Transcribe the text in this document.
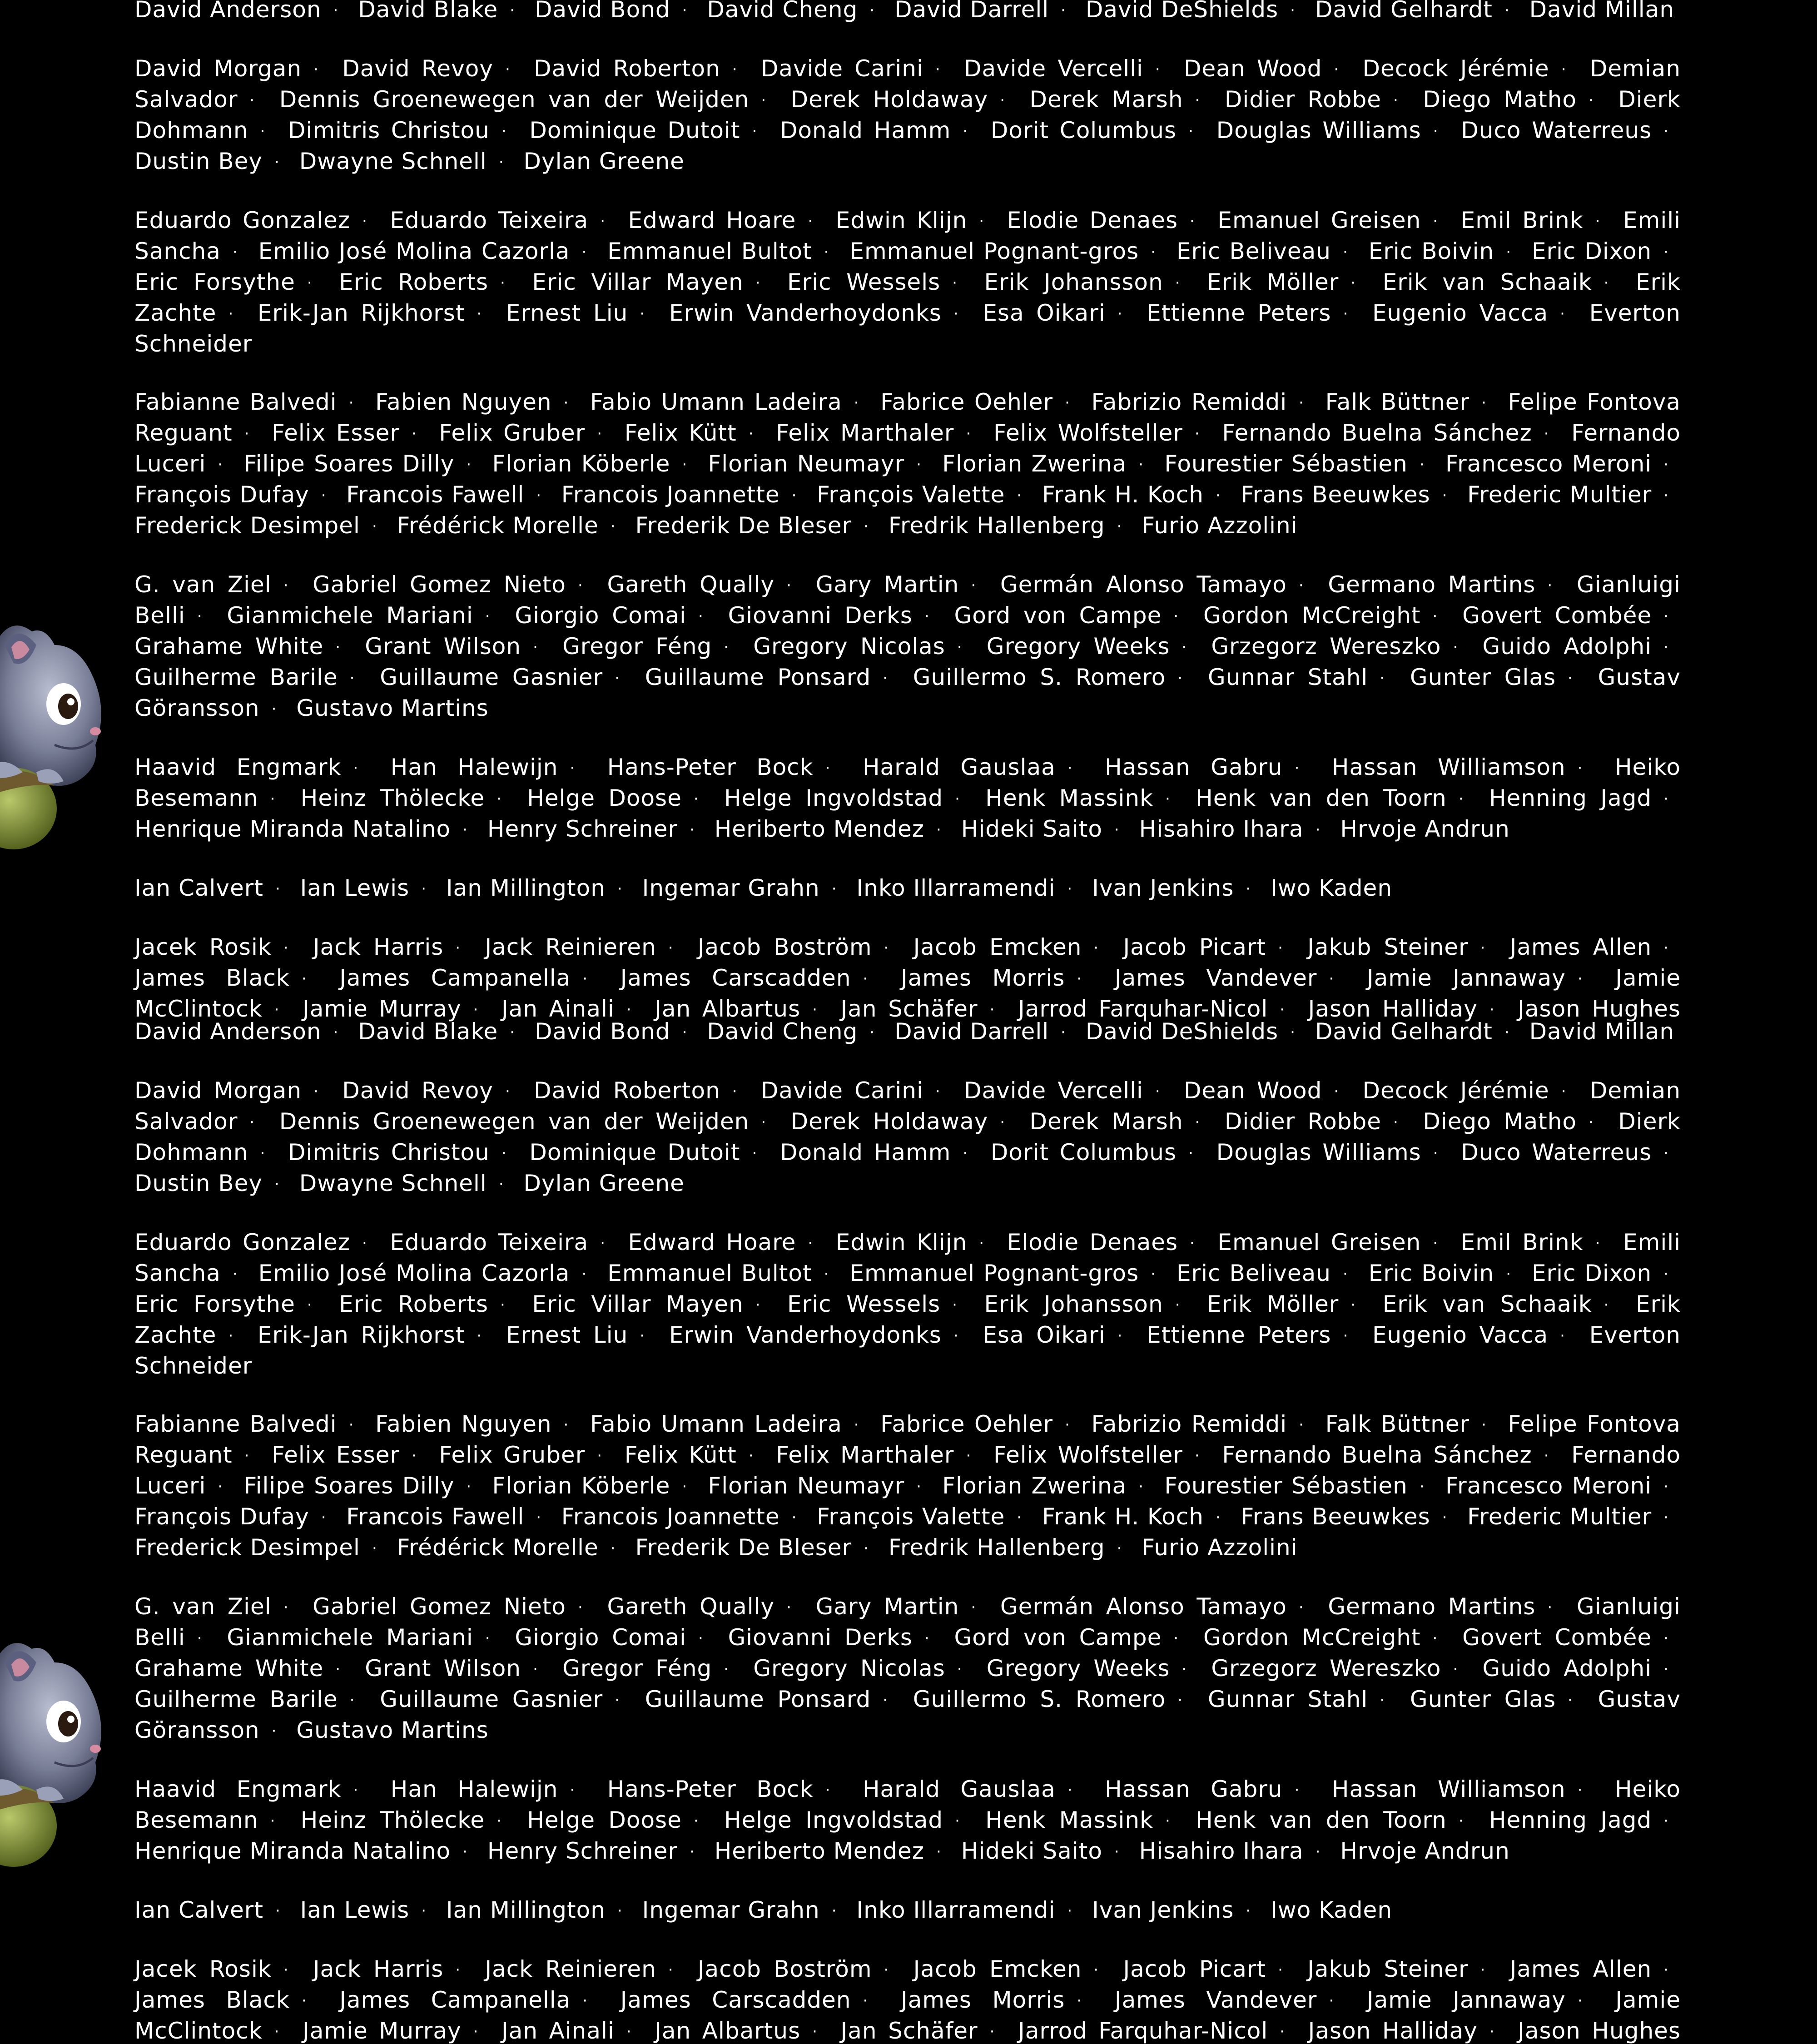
David Anderson · David Blake · David Bond · David Cheng · David Darrell · David DeShields · David Gelhardt · David Millan
David Morgan · David Revoy · David Roberton · Davide Carini · Davide Vercelli · Dean Wood · Decock Jérémie · Demian Salvador · Dennis Groenewegen van der Weijden · Derek Holdaway · Derek Marsh · Didier Robbe · Diego Matho · Dierk Dohmann · Dimitris Christou · Dominique Dutoit · Donald Hamm · Dorit Columbus · Douglas Williams · Duco Waterreus · Dustin Bey · Dwayne Schnell · Dylan Greene
Eduardo Gonzalez · Eduardo Teixeira · Edward Hoare · Edwin Klijn · Elodie Denaes · Emanuel Greisen · Emil Brink · Emili Sancha · Emilio José Molina Cazorla · Emmanuel Bultot · Emmanuel Pognant-gros · Eric Beliveau · Eric Boivin · Eric Dixon · Eric Forsythe · Eric Roberts · Eric Villar Mayen · Eric Wessels · Erik Johansson · Erik Möller · Erik van Schaaik · Erik Zachte · Erik-Jan Rijkhorst · Ernest Liu · Erwin Vanderhoydonks · Esa Oikari · Ettienne Peters · Eugenio Vacca · Everton Schneider
Fabianne Balvedi · Fabien Nguyen · Fabio Umann Ladeira · Fabrice Oehler · Fabrizio Remiddi · Falk Büttner · Felipe Fontova Reguant · Felix Esser · Felix Gruber · Felix Kütt · Felix Marthaler · Felix Wolfsteller · Fernando Buelna Sánchez · Fernando Luceri · Filipe Soares Dilly · Florian Köberle · Florian Neumayr · Florian Zwerina · Fourestier Sébastien · Francesco Meroni · François Dufay · Francois Fawell · Francois Joannette · François Valette · Frank H. Koch · Frans Beeuwkes · Frederic Multier · Frederick Desimpel · Frédérick Morelle · Frederik De Bleser · Fredrik Hallenberg · Furio Azzolini
G. van Ziel · Gabriel Gomez Nieto · Gareth Qually · Gary Martin · Germán Alonso Tamayo · Germano Martins · Gianluigi Belli · Gianmichele Mariani · Giorgio Comai · Giovanni Derks · Gord von Campe · Gordon McCreight · Govert Combée · Grahame White · Grant Wilson · Gregor Féng · Gregory Nicolas · Gregory Weeks · Grzegorz Wereszko · Guido Adolphi · Guilherme Barile · Guillaume Gasnier · Guillaume Ponsard · Guillermo S. Romero · Gunnar Stahl · Gunter Glas · Gustav Göransson · Gustavo Martins
Haavid Engmark · Han Halewijn · Hans-Peter Bock · Harald Gauslaa · Hassan Gabru · Hassan Williamson · Heiko Besemann · Heinz Thölecke · Helge Doose · Helge Ingvoldstad · Henk Massink · Henk van den Toorn · Henning Jagd · Henrique Miranda Natalino · Henry Schreiner · Heriberto Mendez · Hideki Saito · Hisahiro Ihara · Hrvoje Andrun
Ian Calvert · Ian Lewis · Ian Millington · Ingemar Grahn · Inko Illarramendi · Ivan Jenkins · Iwo Kaden
Jacek Rosik · Jack Harris · Jack Reinieren · Jacob Boström · Jacob Emcken · Jacob Picart · Jakub Steiner · James Allen · James Black · James Campanella · James Carscadden · James Morris · James Vandever · Jamie Jannaway · Jamie McClintock · Jamie Murray · Jan Ainali · Jan Albartus · Jan Schäfer · Jarrod Farquhar-Nicol · Jason Halliday · Jason Hughes
David Anderson · David Blake · David Bond · David Cheng · David Darrell · David DeShields · David Gelhardt · David Millan
David Morgan · David Revoy · David Roberton · Davide Carini · Davide Vercelli · Dean Wood · Decock Jérémie · Demian Salvador · Dennis Groenewegen van der Weijden · Derek Holdaway · Derek Marsh · Didier Robbe · Diego Matho · Dierk Dohmann · Dimitris Christou · Dominique Dutoit · Donald Hamm · Dorit Columbus · Douglas Williams · Duco Waterreus · Dustin Bey · Dwayne Schnell · Dylan Greene
Eduardo Gonzalez · Eduardo Teixeira · Edward Hoare · Edwin Klijn · Elodie Denaes · Emanuel Greisen · Emil Brink · Emili Sancha · Emilio José Molina Cazorla · Emmanuel Bultot · Emmanuel Pognant-gros · Eric Beliveau · Eric Boivin · Eric Dixon · Eric Forsythe · Eric Roberts · Eric Villar Mayen · Eric Wessels · Erik Johansson · Erik Möller · Erik van Schaaik · Erik Zachte · Erik-Jan Rijkhorst · Ernest Liu · Erwin Vanderhoydonks · Esa Oikari · Ettienne Peters · Eugenio Vacca · Everton Schneider
Fabianne Balvedi · Fabien Nguyen · Fabio Umann Ladeira · Fabrice Oehler · Fabrizio Remiddi · Falk Büttner · Felipe Fontova Reguant · Felix Esser · Felix Gruber · Felix Kütt · Felix Marthaler · Felix Wolfsteller · Fernando Buelna Sánchez · Fernando Luceri · Filipe Soares Dilly · Florian Köberle · Florian Neumayr · Florian Zwerina · Fourestier Sébastien · Francesco Meroni · François Dufay · Francois Fawell · Francois Joannette · François Valette · Frank H. Koch · Frans Beeuwkes · Frederic Multier · Frederick Desimpel · Frédérick Morelle · Frederik De Bleser · Fredrik Hallenberg · Furio Azzolini
G. van Ziel · Gabriel Gomez Nieto · Gareth Qually · Gary Martin · Germán Alonso Tamayo · Germano Martins · Gianluigi Belli · Gianmichele Mariani · Giorgio Comai · Giovanni Derks · Gord von Campe · Gordon McCreight · Govert Combée · Grahame White · Grant Wilson · Gregor Féng · Gregory Nicolas · Gregory Weeks · Grzegorz Wereszko · Guido Adolphi · Guilherme Barile · Guillaume Gasnier · Guillaume Ponsard · Guillermo S. Romero · Gunnar Stahl · Gunter Glas · Gustav Göransson · Gustavo Martins
Haavid Engmark · Han Halewijn · Hans-Peter Bock · Harald Gauslaa · Hassan Gabru · Hassan Williamson · Heiko Besemann · Heinz Thölecke · Helge Doose · Helge Ingvoldstad · Henk Massink · Henk van den Toorn · Henning Jagd · Henrique Miranda Natalino · Henry Schreiner · Heriberto Mendez · Hideki Saito · Hisahiro Ihara · Hrvoje Andrun
Ian Calvert · Ian Lewis · Ian Millington · Ingemar Grahn · Inko Illarramendi · Ivan Jenkins · Iwo Kaden
Jacek Rosik · Jack Harris · Jack Reinieren · Jacob Boström · Jacob Emcken · Jacob Picart · Jakub Steiner · James Allen · James Black · James Campanella · James Carscadden · James Morris · James Vandever · Jamie Jannaway · Jamie McClintock · Jamie Murray · Jan Ainali · Jan Albartus · Jan Schäfer · Jarrod Farquhar-Nicol · Jason Halliday · Jason Hughes
